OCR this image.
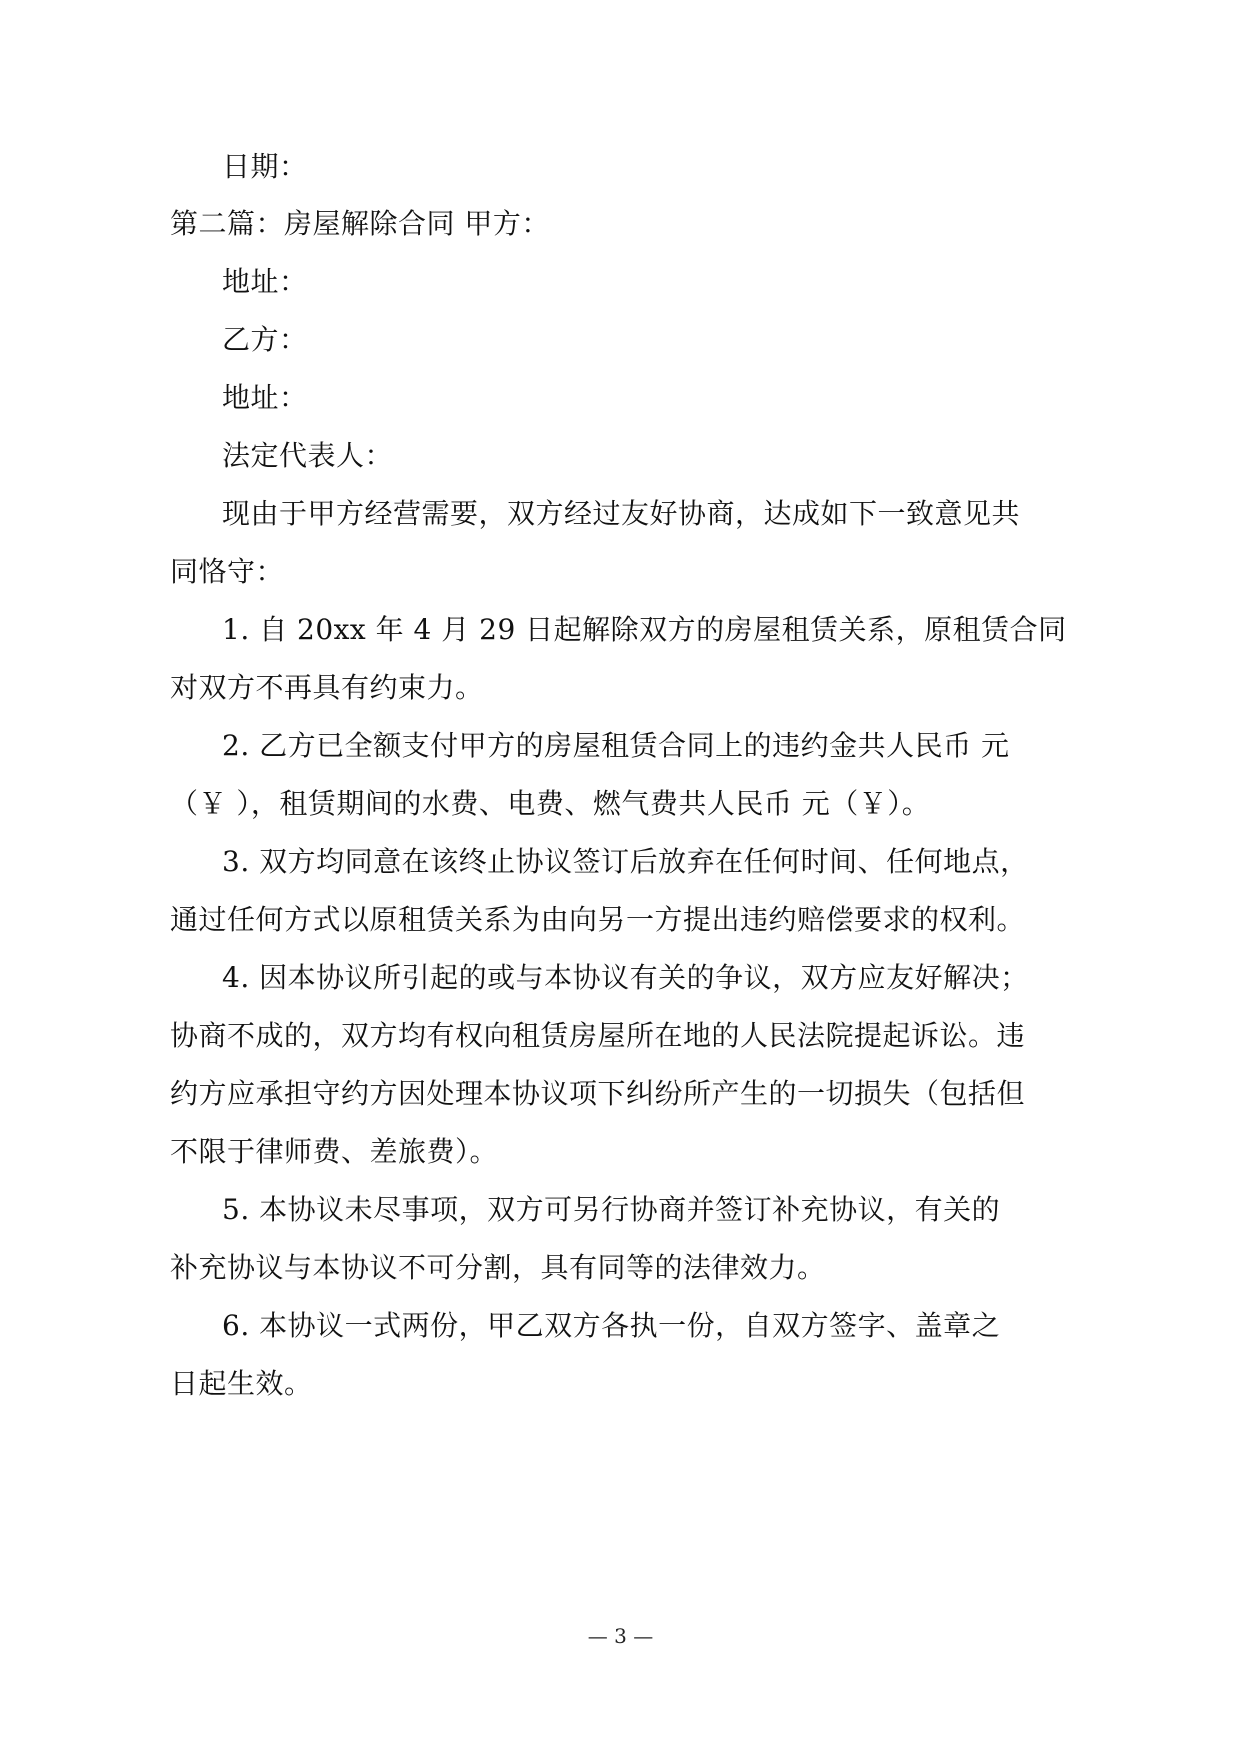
日期：
第二篇：房屋解除合同 甲方：
地址：
乙方：
地址：
法定代表人：
现由于甲方经营需要，双方经过友好协商，达成如下一致意见共
同恪守：
1. 自 20xx 年 4 月 29 日起解除双方的房屋租赁关系，原租赁合同
对双方不再具有约束力。
2. 乙方已全额支付甲方的房屋租赁合同上的违约金共人民币 元
（￥ ），租赁期间的水费、电费、燃气费共人民币 元（￥）。
3. 双方均同意在该终止协议签订后放弃在任何时间、任何地点，
通过任何方式以原租赁关系为由向另一方提出违约赔偿要求的权利。
4. 因本协议所引起的或与本协议有关的争议，双方应友好解决；
协商不成的，双方均有权向租赁房屋所在地的人民法院提起诉讼。违
约方应承担守约方因处理本协议项下纠纷所产生的一切损失（包括但
不限于律师费、差旅费）。
5. 本协议未尽事项，双方可另行协商并签订补充协议，有关的
补充协议与本协议不可分割，具有同等的法律效力。
6. 本协议一式两份，甲乙双方各执一份，自双方签字、盖章之
日起生效。
— 3 —
